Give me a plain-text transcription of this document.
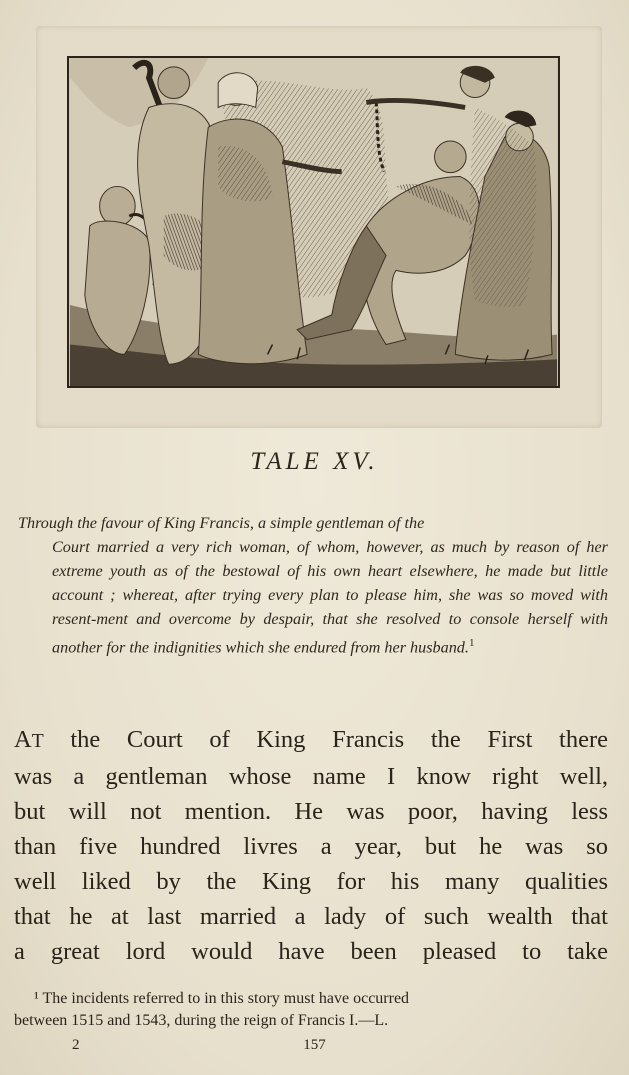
TALE XV.
Through the favour of King Francis, a simple gentleman of the
Court married a very rich woman, of whom, however, as much by reason of her extreme youth as of the bestowal of his own heart elsewhere, he made but little account ; whereat, after trying every plan to please him, she was so moved with resent-ment and overcome by despair, that she resolved to console herself with another for the indignities which she endured from her husband.$^1$
AT the Court of King Francis the First there
was a gentleman whose name I know right well,
but will not mention. He was poor, having less
than five hundred livres a year, but he was so
well liked by the King for his many qualities
that he at last married a lady of such wealth that
a great lord would have been pleased to take
¹ The incidents referred to in this story must have occurred
between 1515 and 1543, during the reign of Francis I.—L.
2	157
